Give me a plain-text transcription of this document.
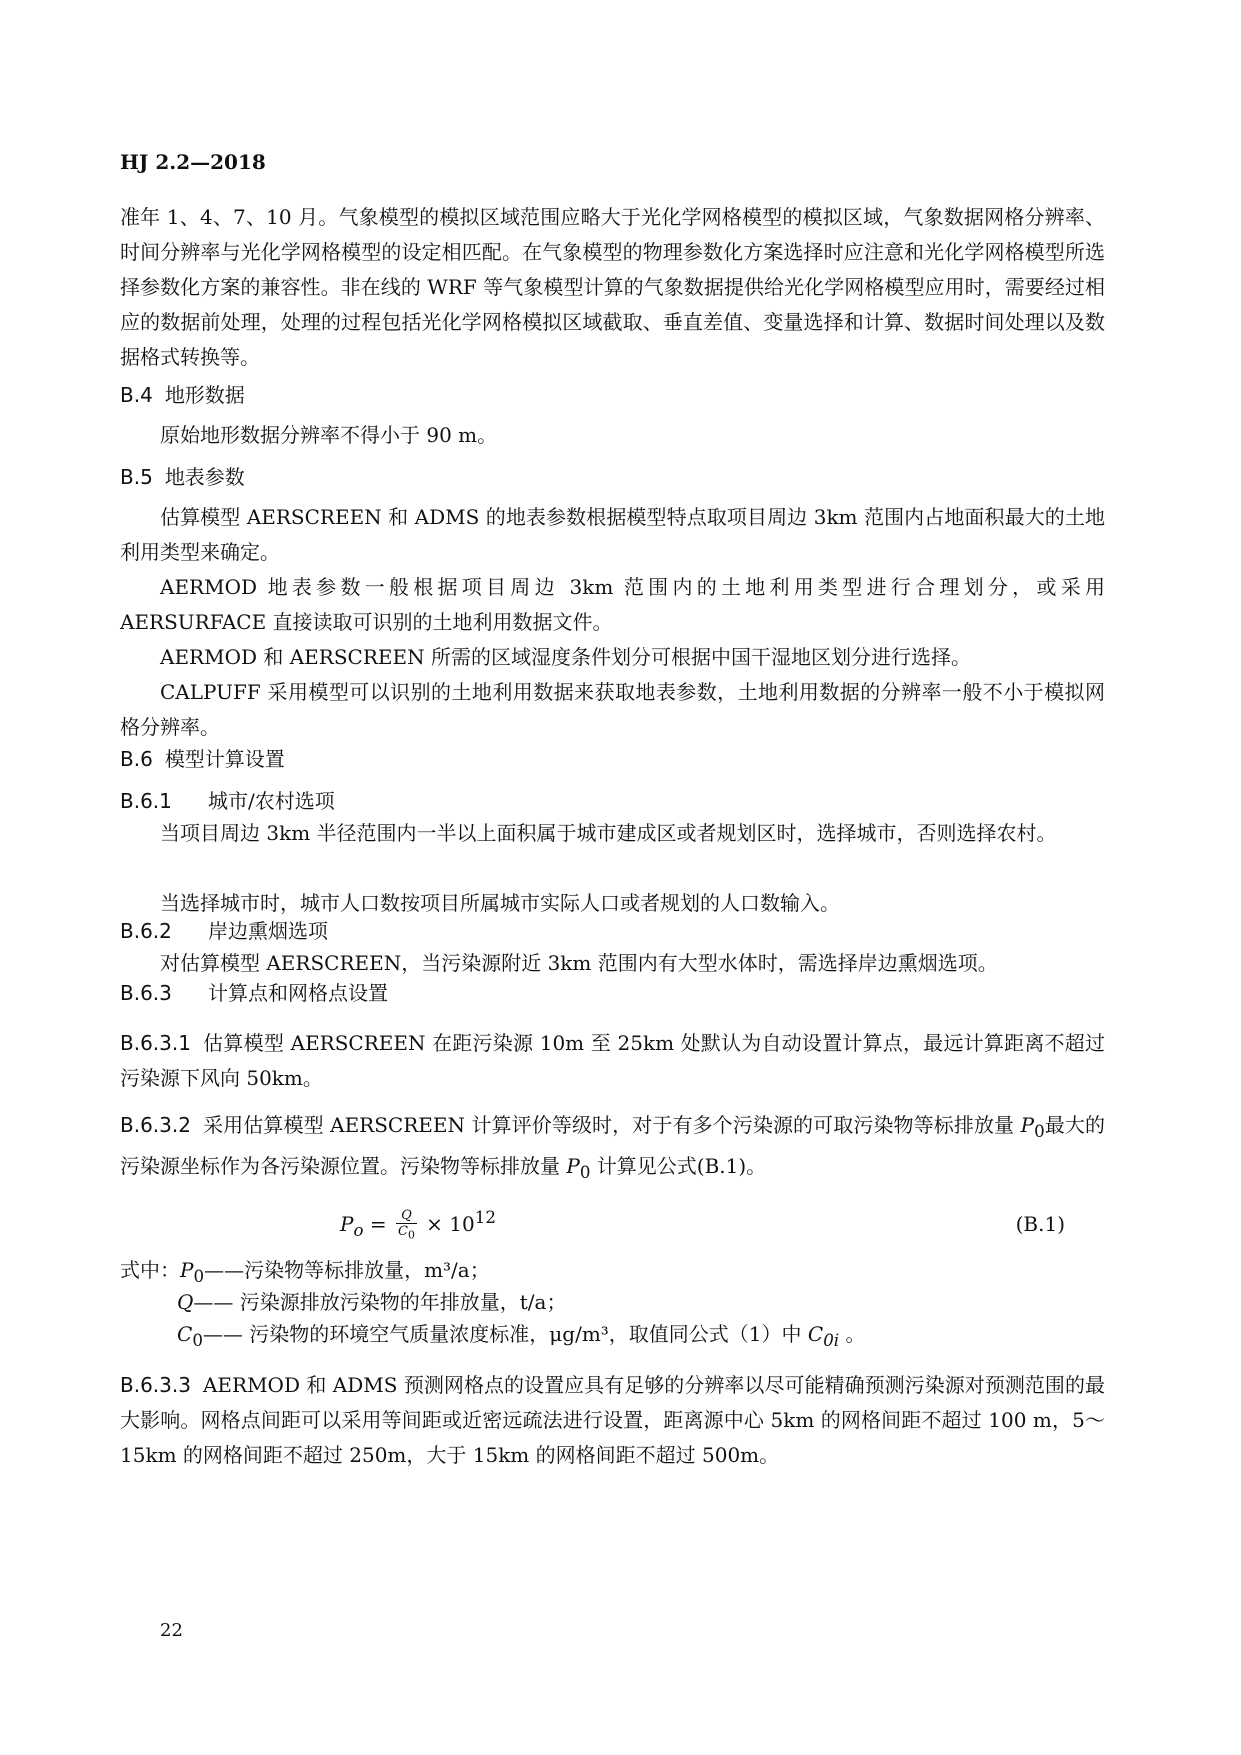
HJ 2.2—2018

准年 1、4、7、10 月。气象模型的模拟区域范围应略大于光化学网格模型的模拟区域，气象数据网格分辨率、时间分辨率与光化学网格模型的设定相匹配。在气象模型的物理参数化方案选择时应注意和光化学网格模型所选择参数化方案的兼容性。非在线的 WRF 等气象模型计算的气象数据提供给光化学网格模型应用时，需要经过相应的数据前处理，处理的过程包括光化学网格模拟区域截取、垂直差值、变量选择和计算、数据时间处理以及数据格式转换等。

B.4 地形数据

原始地形数据分辨率不得小于 90 m。

B.5 地表参数

估算模型 AERSCREEN 和 ADMS 的地表参数根据模型特点取项目周边 3km 范围内占地面积最大的土地利用类型来确定。

AERMOD 地表参数一般根据项目周边 3km 范围内的土地利用类型进行合理划分，或采用 AERSURFACE 直接读取可识别的土地利用数据文件。

AERMOD 和 AERSCREEN 所需的区域湿度条件划分可根据中国干湿地区划分进行选择。

CALPUFF 采用模型可以识别的土地利用数据来获取地表参数，土地利用数据的分辨率一般不小于模拟网格分辨率。

B.6 模型计算设置
B.6.1 城市/农村选项

当项目周边 3km 半径范围内一半以上面积属于城市建成区或者规划区时，选择城市，否则选择农村。

当选择城市时，城市人口数按项目所属城市实际人口或者规划的人口数输入。

B.6.2 岸边熏烟选项

对估算模型 AERSCREEN，当污染源附近 3km 范围内有大型水体时，需选择岸边熏烟选项。

B.6.3 计算点和网格点设置

B.6.3.1 估算模型 AERSCREEN 在距污染源 10m 至 25km 处默认为自动设置计算点，最远计算距离不超过污染源下风向 50km。

B.6.3.2 采用估算模型 AERSCREEN 计算评价等级时，对于有多个污染源的可取污染物等标排放量 $P_0$最大的污染源坐标作为各污染源位置。污染物等标排放量 $P_0$ 计算见公式(B.1)。

$P_o = \frac{Q}{C_0} \times 10^{12}$	(B.1)
式中：$P_0——$污染物等标排放量，m³/a；
Q—— 污染源排放污染物的年排放量，t/a；
$C_0——$ 污染物的环境空气质量浓度标准，μg/m³，取值同公式（1）中 $C_{0i}$ 。

B.6.3.3 AERMOD 和 ADMS 预测网格点的设置应具有足够的分辨率以尽可能精确预测污染源对预测范围的最大影响。网格点间距可以采用等间距或近密远疏法进行设置，距离源中心 5km 的网格间距不超过 100 m，5～15km 的网格间距不超过 250m，大于 15km 的网格间距不超过 500m。

22
